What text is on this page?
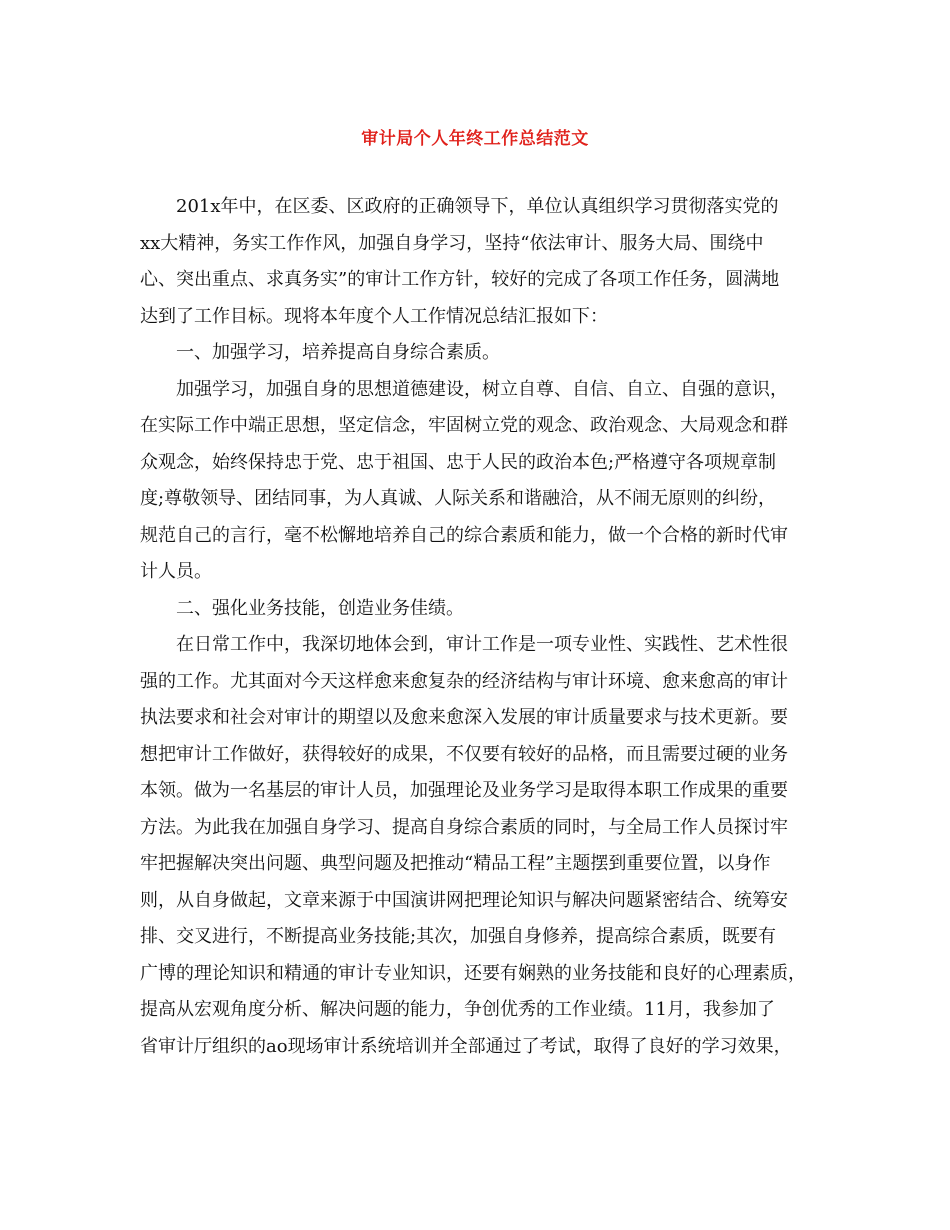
审计局个人年终工作总结范文
201x年中，在区委、区政府的正确领导下，单位认真组织学习贯彻落实党的
xx大精神，务实工作作风，加强自身学习，坚持“依法审计、服务大局、围绕中
心、突出重点、求真务实”的审计工作方针，较好的完成了各项工作任务，圆满地
达到了工作目标。现将本年度个人工作情况总结汇报如下：
一、加强学习，培养提高自身综合素质。
加强学习，加强自身的思想道德建设，树立自尊、自信、自立、自强的意识，
在实际工作中端正思想，坚定信念，牢固树立党的观念、政治观念、大局观念和群
众观念，始终保持忠于党、忠于祖国、忠于人民的政治本色;严格遵守各项规章制
度;尊敬领导、团结同事，为人真诚、人际关系和谐融洽，从不闹无原则的纠纷，
规范自己的言行，毫不松懈地培养自己的综合素质和能力，做一个合格的新时代审
计人员。
二、强化业务技能，创造业务佳绩。
在日常工作中，我深切地体会到，审计工作是一项专业性、实践性、艺术性很
强的工作。尤其面对今天这样愈来愈复杂的经济结构与审计环境、愈来愈高的审计
执法要求和社会对审计的期望以及愈来愈深入发展的审计质量要求与技术更新。要
想把审计工作做好，获得较好的成果，不仅要有较好的品格，而且需要过硬的业务
本领。做为一名基层的审计人员，加强理论及业务学习是取得本职工作成果的重要
方法。为此我在加强自身学习、提高自身综合素质的同时，与全局工作人员探讨牢
牢把握解决突出问题、典型问题及把推动“精品工程”主题摆到重要位置，以身作
则，从自身做起，文章来源于中国演讲网把理论知识与解决问题紧密结合、统筹安
排、交叉进行，不断提高业务技能;其次，加强自身修养，提高综合素质，既要有
广博的理论知识和精通的审计专业知识，还要有娴熟的业务技能和良好的心理素质，
提高从宏观角度分析、解决问题的能力，争创优秀的工作业绩。11月，我参加了
省审计厅组织的ao现场审计系统培训并全部通过了考试，取得了良好的学习效果，
